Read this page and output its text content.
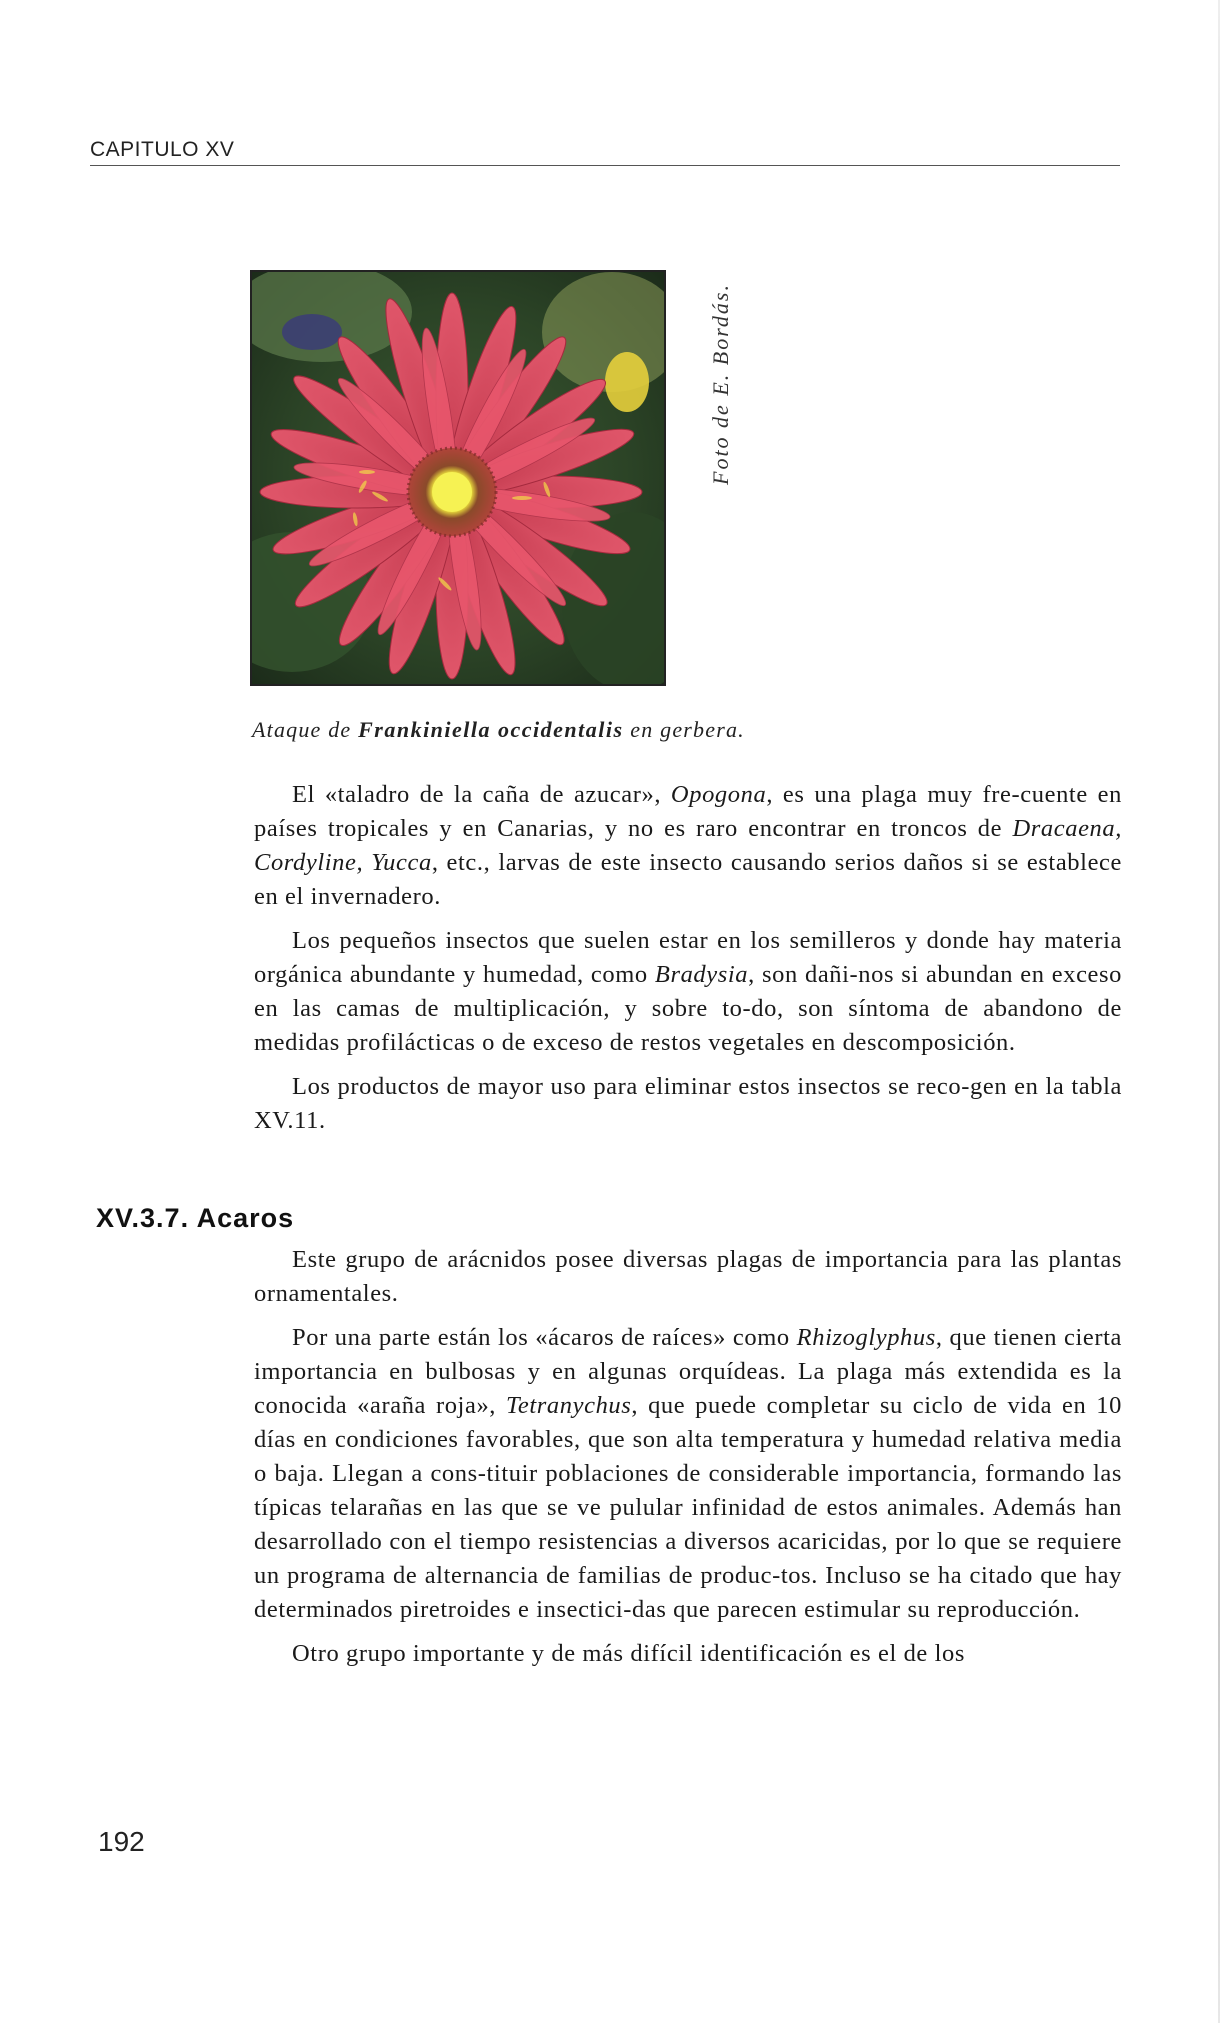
CAPITULO XV
Foto de E. Bordás.
Ataque de Frankiniella occidentalis en gerbera.

El «taladro de la caña de azucar», Opogona, es una plaga muy fre-cuente en países tropicales y en Canarias, y no es raro encontrar en troncos de Dracaena, Cordyline, Yucca, etc., larvas de este insecto causando serios daños si se establece en el invernadero.

Los pequeños insectos que suelen estar en los semilleros y donde hay materia orgánica abundante y humedad, como Bradysia, son dañi-nos si abundan en exceso en las camas de multiplicación, y sobre to-do, son síntoma de abandono de medidas profilácticas o de exceso de restos vegetales en descomposición.

Los productos de mayor uso para eliminar estos insectos se reco-gen en la tabla XV.11.

XV.3.7. Acaros

Este grupo de arácnidos posee diversas plagas de importancia para las plantas ornamentales.

Por una parte están los «ácaros de raíces» como Rhizoglyphus, que tienen cierta importancia en bulbosas y en algunas orquídeas. La plaga más extendida es la conocida «araña roja», Tetranychus, que puede completar su ciclo de vida en 10 días en condiciones favorables, que son alta temperatura y humedad relativa media o baja. Llegan a cons-tituir poblaciones de considerable importancia, formando las típicas telarañas en las que se ve pulular infinidad de estos animales. Además han desarrollado con el tiempo resistencias a diversos acaricidas, por lo que se requiere un programa de alternancia de familias de produc-tos. Incluso se ha citado que hay determinados piretroides e insectici-das que parecen estimular su reproducción.

Otro grupo importante y de más difícil identificación es el de los

192
